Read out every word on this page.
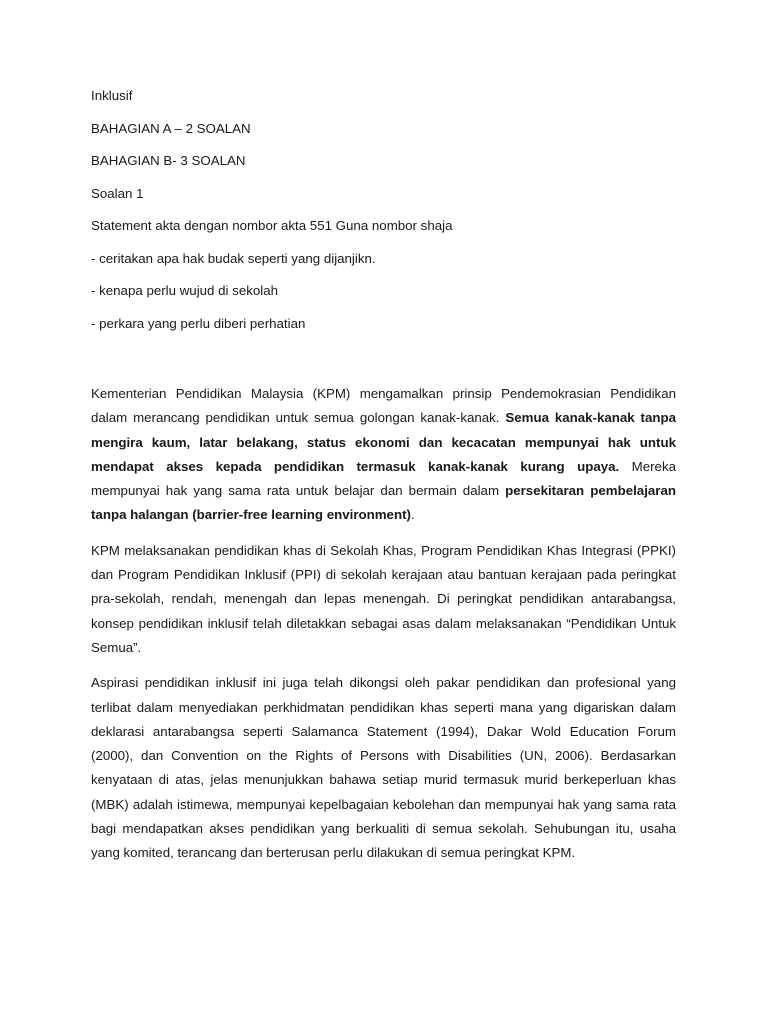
Inklusif
BAHAGIAN A – 2 SOALAN
BAHAGIAN B- 3 SOALAN
Soalan 1
Statement akta dengan nombor akta 551 Guna nombor shaja
- ceritakan apa hak budak seperti yang dijanjikn.
- kenapa perlu wujud di sekolah
- perkara yang perlu diberi perhatian

Kementerian Pendidikan Malaysia (KPM) mengamalkan prinsip Pendemokrasian Pendidikan dalam merancang pendidikan untuk semua golongan kanak-kanak. Semua kanak-kanak tanpa mengira kaum, latar belakang, status ekonomi dan kecacatan mempunyai hak untuk mendapat akses kepada pendidikan termasuk kanak-kanak kurang upaya. Mereka mempunyai hak yang sama rata untuk belajar dan bermain dalam persekitaran pembelajaran tanpa halangan (barrier-free learning environment).

KPM melaksanakan pendidikan khas di Sekolah Khas, Program Pendidikan Khas Integrasi (PPKI) dan Program Pendidikan Inklusif (PPI) di sekolah kerajaan atau bantuan kerajaan pada peringkat pra-sekolah, rendah, menengah dan lepas menengah. Di peringkat pendidikan antarabangsa, konsep pendidikan inklusif telah diletakkan sebagai asas dalam melaksanakan “Pendidikan Untuk Semua”.

Aspirasi pendidikan inklusif ini juga telah dikongsi oleh pakar pendidikan dan profesional yang terlibat dalam menyediakan perkhidmatan pendidikan khas seperti mana yang digariskan dalam deklarasi antarabangsa seperti Salamanca Statement (1994), Dakar Wold Education Forum (2000), dan Convention on the Rights of Persons with Disabilities (UN, 2006). Berdasarkan kenyataan di atas, jelas menunjukkan bahawa setiap murid termasuk murid berkeperluan khas (MBK) adalah istimewa, mempunyai kepelbagaian kebolehan dan mempunyai hak yang sama rata bagi mendapatkan akses pendidikan yang berkualiti di semua sekolah. Sehubungan itu, usaha yang komited, terancang dan berterusan perlu dilakukan di semua peringkat KPM.
